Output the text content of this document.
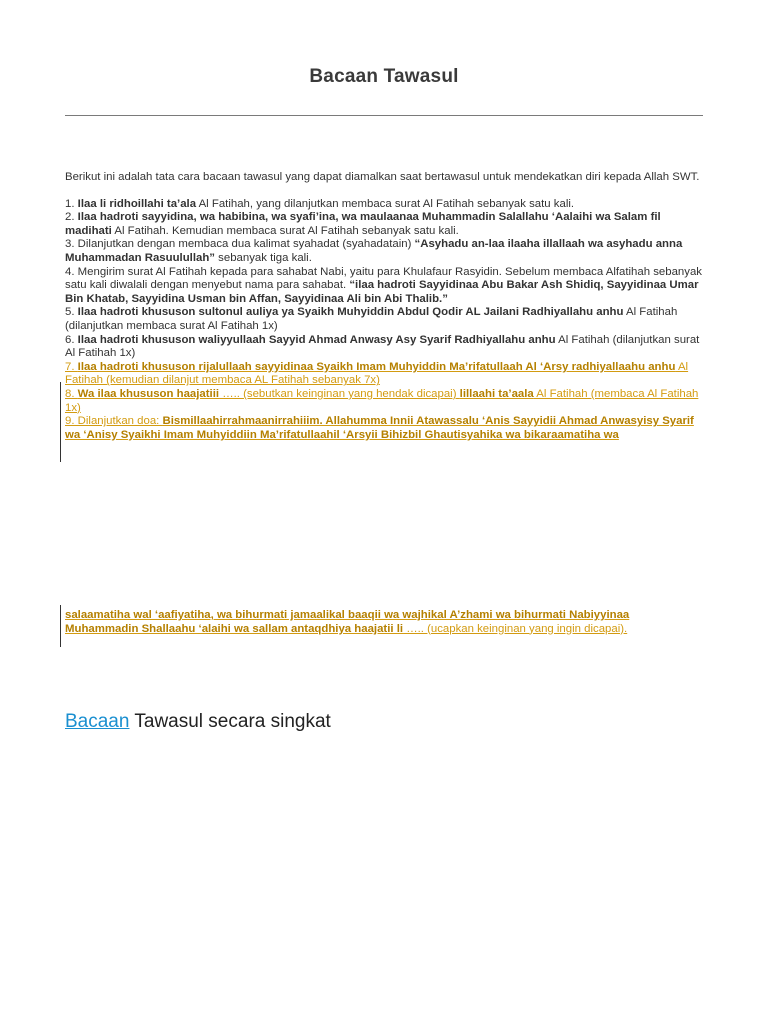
Bacaan Tawasul

Berikut ini adalah tata cara bacaan tawasul yang dapat diamalkan saat bertawasul untuk mendekatkan diri kepada Allah SWT.

1. Ilaa li ridhoillahi ta’ala Al Fatihah, yang dilanjutkan membaca surat Al Fatihah sebanyak satu kali.

2. Ilaa hadroti sayyidina, wa habibina, wa syafi’ina, wa maulaanaa Muhammadin Salallahu ‘Aalaihi wa Salam fil madihati Al Fatihah. Kemudian membaca surat Al Fatihah sebanyak satu kali.

3. Dilanjutkan dengan membaca dua kalimat syahadat (syahadatain) “Asyhadu an-laa ilaaha illallaah wa asyhadu anna Muhammadan Rasuulullah” sebanyak tiga kali.

4. Mengirim surat Al Fatihah kepada para sahabat Nabi, yaitu para Khulafaur Rasyidin. Sebelum membaca Alfatihah sebanyak satu kali diwalali dengan menyebut nama para sahabat. “ilaa hadroti Sayyidinaa Abu Bakar Ash Shidiq, Sayyidinaa Umar Bin Khatab, Sayyidina Usman bin Affan, Sayyidinaa Ali bin Abi Thalib.”

5. Ilaa hadroti khususon sultonul auliya ya Syaikh Muhyiddin Abdul Qodir AL Jailani Radhiyallahu anhu Al Fatihah (dilanjutkan membaca surat Al Fatihah 1x)

6. Ilaa hadroti khususon waliyyullaah Sayyid Ahmad Anwasy Asy Syarif Radhiyallahu anhu Al Fatihah (dilanjutkan surat Al Fatihah 1x)

7. Ilaa hadroti khususon rijalullaah sayyidinaa Syaikh Imam Muhyiddin Ma’rifatullaah Al ‘Arsy radhiyallaahu anhu Al Fatihah (kemudian dilanjut membaca AL Fatihah sebanyak 7x)

8. Wa ilaa khususon haajatiii ….. (sebutkan keinginan yang hendak dicapai) lillaahi ta’aala Al Fatihah (membaca Al Fatihah 1x)

9. Dilanjutkan doa: Bismillaahirrahmaanirrahiiim. Allahumma Innii Atawassalu ‘Anis Sayyidii Ahmad Anwasyisy Syarif wa ‘Anisy Syaikhi Imam Muhyiddiin Ma’rifatullaahil ‘Arsyii Bihizbil Ghautisyahika wa bikaraamatiha wa

salaamatiha wal ‘aafiyatiha, wa bihurmati jamaalikal baaqii wa wajhikal A’zhami wa bihurmati Nabiyyinaa Muhammadin Shallaahu ‘alaihi wa sallam antaqdhiya haajatii li ….. (ucapkan keinginan yang ingin dicapai).

Bacaan Tawasul secara singkat
